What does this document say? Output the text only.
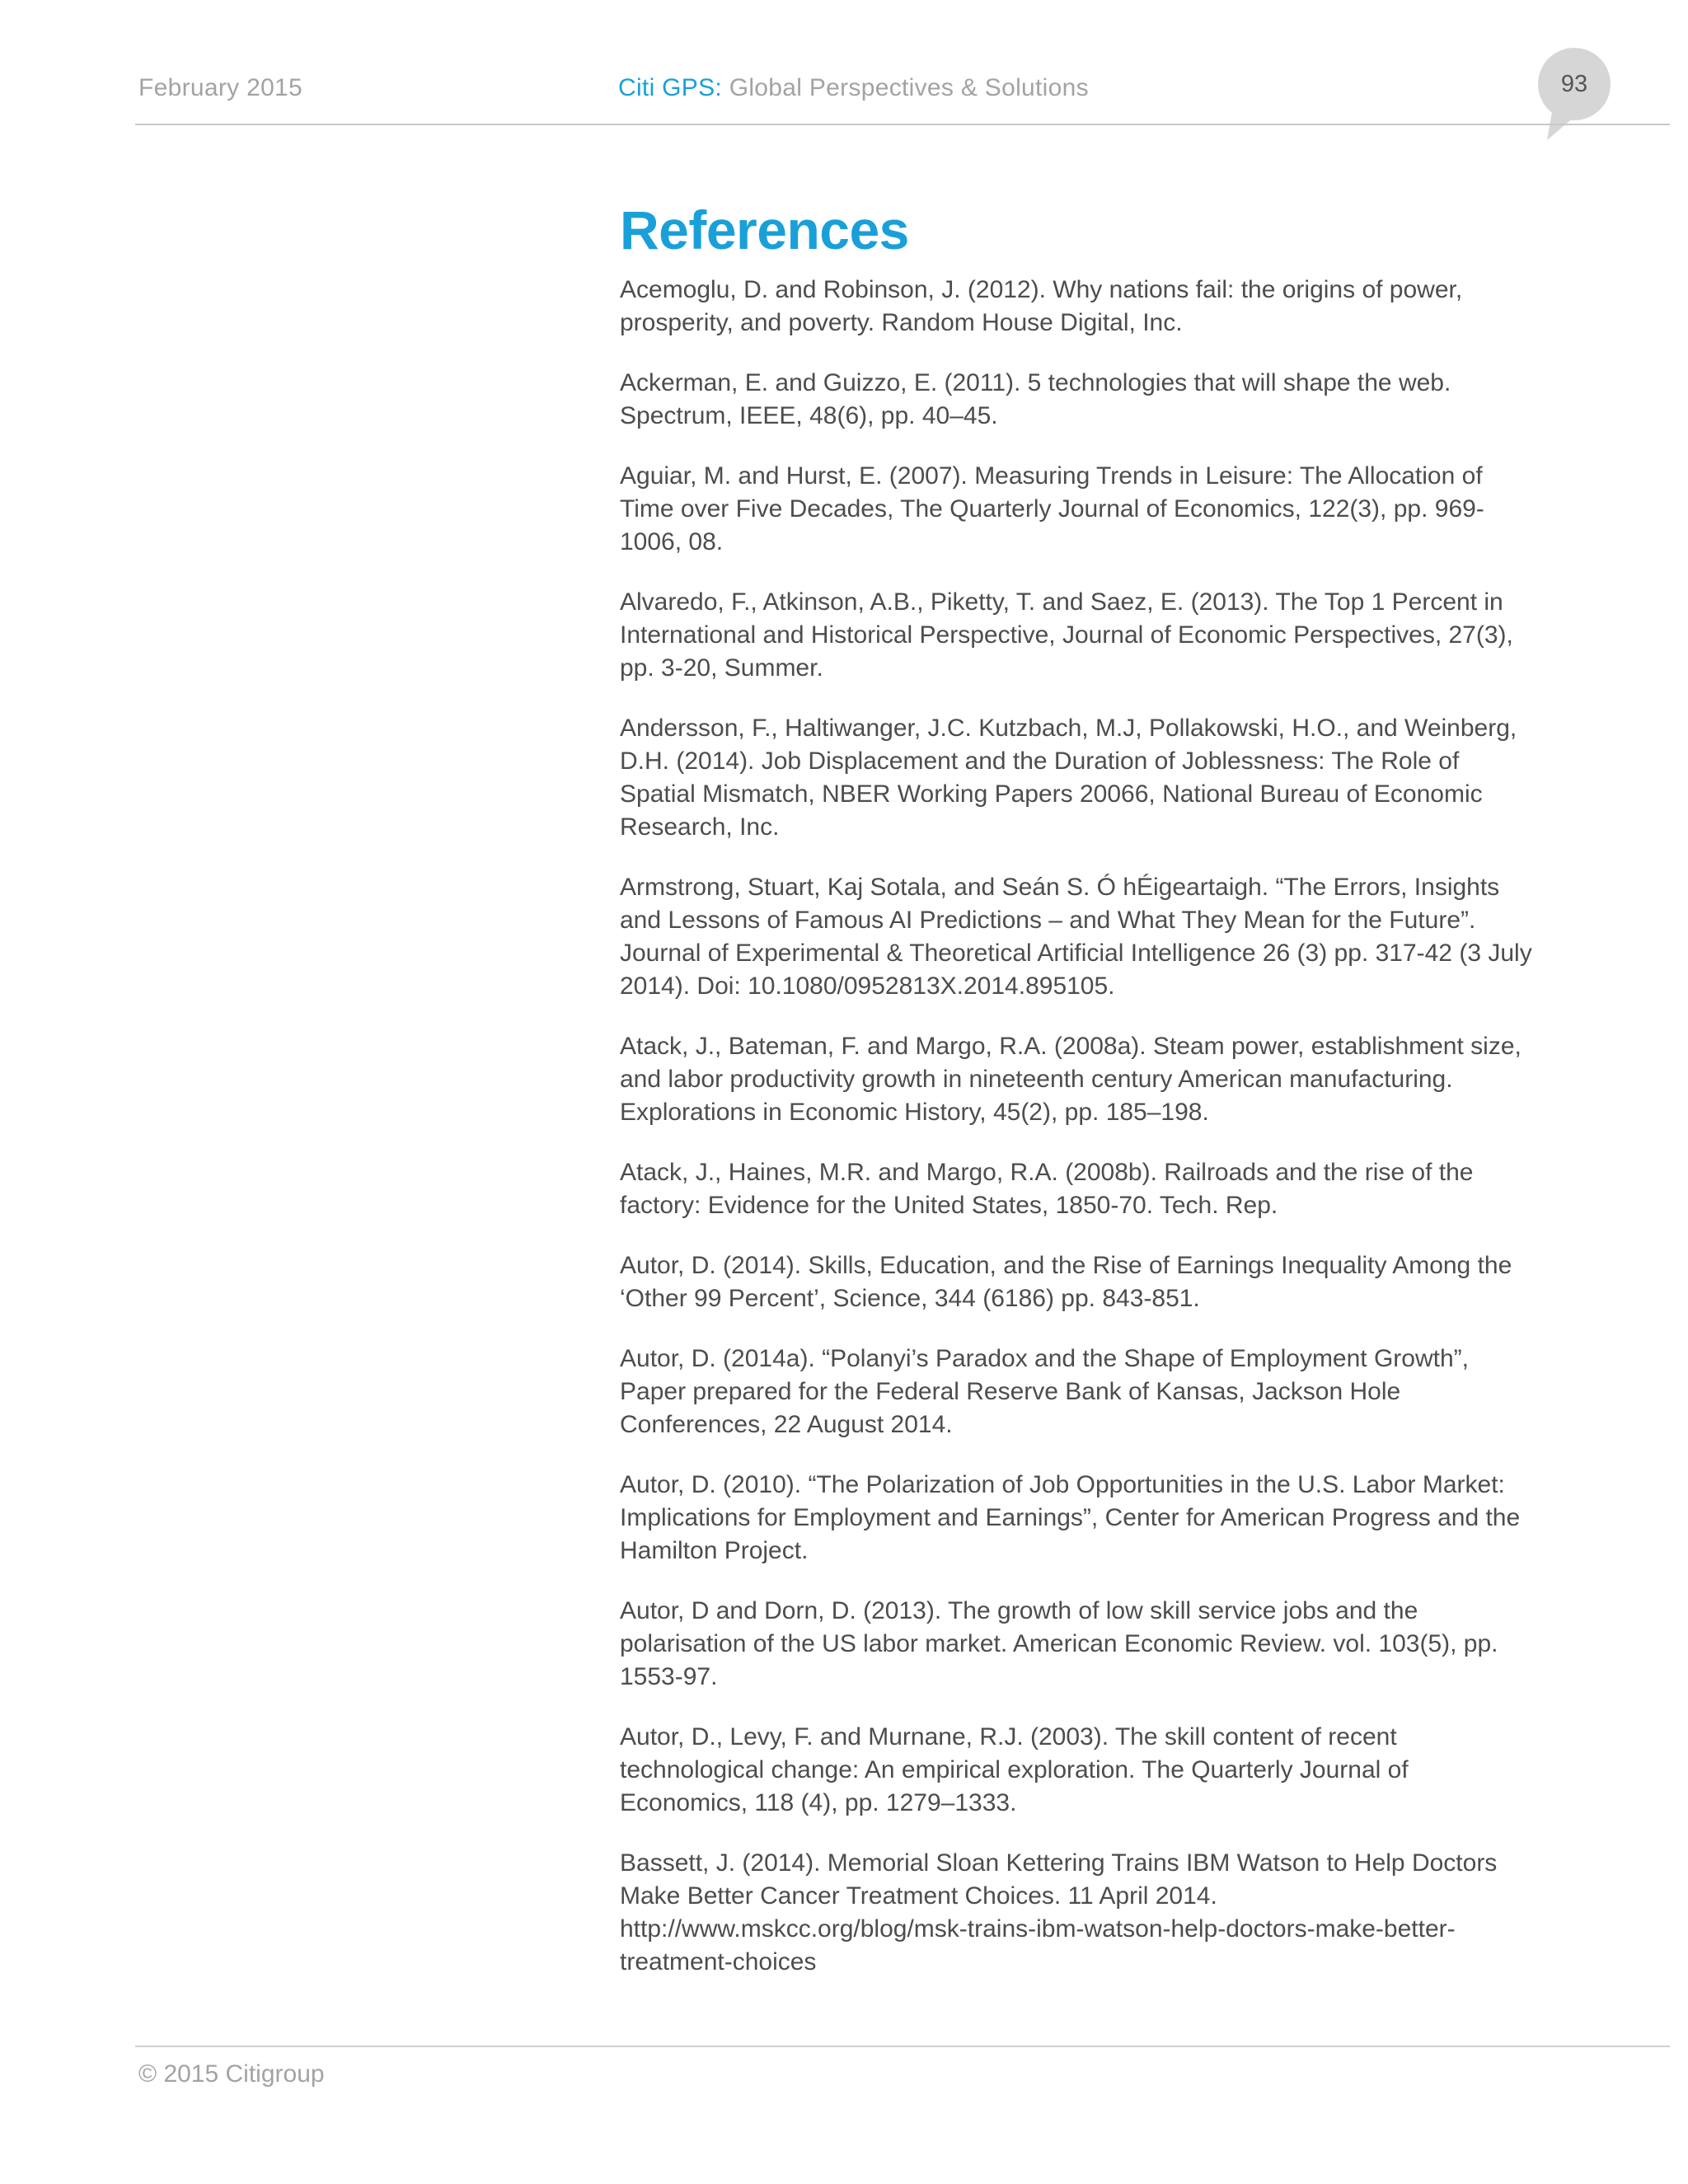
February 2015	Citi GPS: Global Perspectives & Solutions	93
References
Acemoglu, D. and Robinson, J. (2012). Why nations fail: the origins of power,
prosperity, and poverty. Random House Digital, Inc.
Ackerman, E. and Guizzo, E. (2011). 5 technologies that will shape the web.
Spectrum, IEEE, 48(6), pp. 40–45.
Aguiar, M. and Hurst, E. (2007). Measuring Trends in Leisure: The Allocation of
Time over Five Decades, The Quarterly Journal of Economics, 122(3), pp. 969-
1006, 08.
Alvaredo, F., Atkinson, A.B., Piketty, T. and Saez, E. (2013). The Top 1 Percent in
International and Historical Perspective, Journal of Economic Perspectives, 27(3),
pp. 3-20, Summer.
Andersson, F., Haltiwanger, J.C. Kutzbach, M.J, Pollakowski, H.O., and Weinberg,
D.H. (2014). Job Displacement and the Duration of Joblessness: The Role of
Spatial Mismatch, NBER Working Papers 20066, National Bureau of Economic
Research, Inc.
Armstrong, Stuart, Kaj Sotala, and Seán S. Ó hÉigeartaigh. “The Errors, Insights
and Lessons of Famous AI Predictions – and What They Mean for the Future”.
Journal of Experimental & Theoretical Artificial Intelligence 26 (3) pp. 317-42 (3 July
2014). Doi: 10.1080/0952813X.2014.895105.
Atack, J., Bateman, F. and Margo, R.A. (2008a). Steam power, establishment size,
and labor productivity growth in nineteenth century American manufacturing.
Explorations in Economic History, 45(2), pp. 185–198.
Atack, J., Haines, M.R. and Margo, R.A. (2008b). Railroads and the rise of the
factory: Evidence for the United States, 1850-70. Tech. Rep.
Autor, D. (2014). Skills, Education, and the Rise of Earnings Inequality Among the
‘Other 99 Percent’, Science, 344 (6186) pp. 843-851.
Autor, D. (2014a). “Polanyi’s Paradox and the Shape of Employment Growth”,
Paper prepared for the Federal Reserve Bank of Kansas, Jackson Hole
Conferences, 22 August 2014.
Autor, D. (2010). “The Polarization of Job Opportunities in the U.S. Labor Market:
Implications for Employment and Earnings”, Center for American Progress and the
Hamilton Project.
Autor, D and Dorn, D. (2013). The growth of low skill service jobs and the
polarisation of the US labor market. American Economic Review. vol. 103(5), pp.
1553-97.
Autor, D., Levy, F. and Murnane, R.J. (2003). The skill content of recent
technological change: An empirical exploration. The Quarterly Journal of
Economics, 118 (4), pp. 1279–1333.
Bassett, J. (2014). Memorial Sloan Kettering Trains IBM Watson to Help Doctors
Make Better Cancer Treatment Choices. 11 April 2014.
http://www.mskcc.org/blog/msk-trains-ibm-watson-help-doctors-make-better-
treatment-choices
© 2015 Citigroup
